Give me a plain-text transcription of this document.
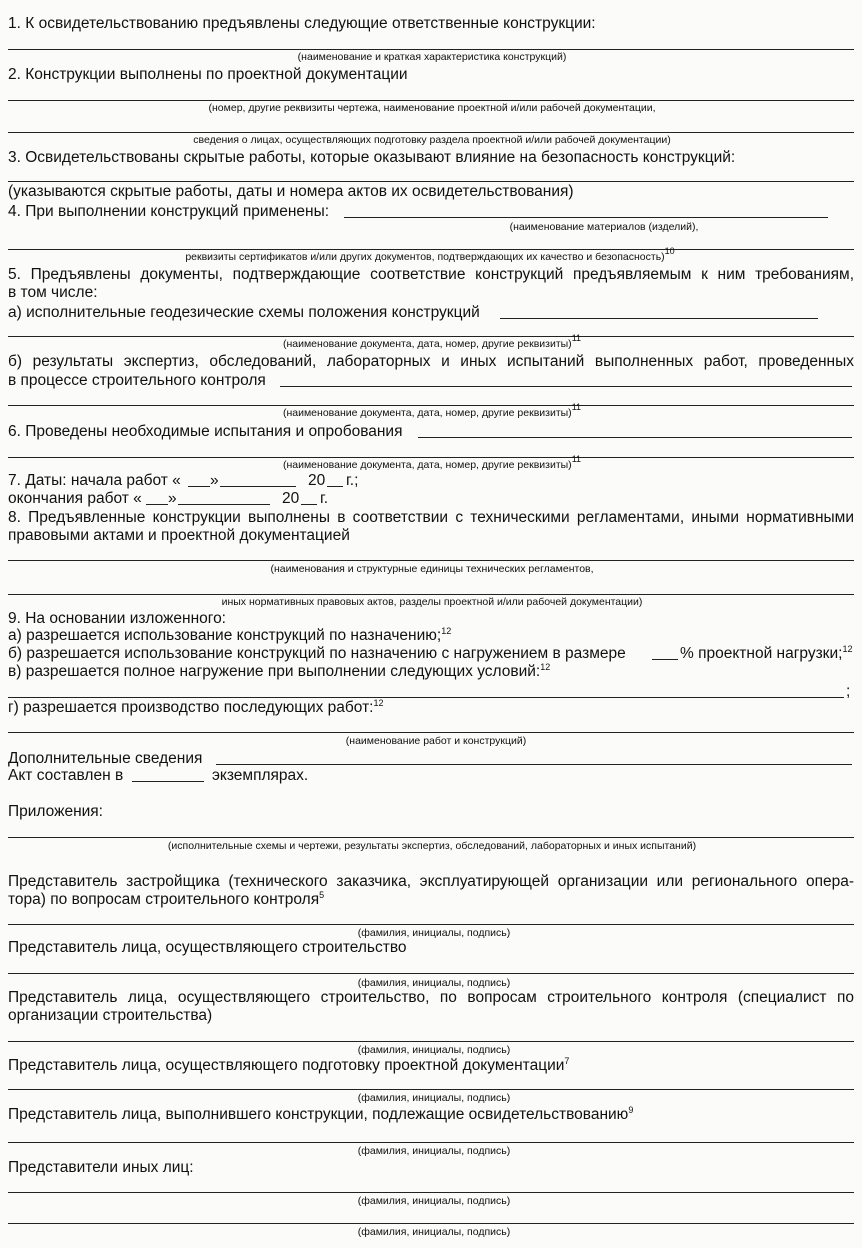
1. К освидетельствованию предъявлены следующие ответственные конструкции:
(наименование и краткая характеристика конструкций)
2. Конструкции выполнены по проектной документации
(номер, другие реквизиты чертежа, наименование проектной и/или рабочей документации,
сведения о лицах, осуществляющих подготовку раздела проектной и/или рабочей документации)
3. Освидетельствованы скрытые работы, которые оказывают влияние на безопасность конструкций:
(указываются скрытые работы, даты и номера актов их освидетельствования)
4. При выполнении конструкций применены:
(наименование материалов (изделий),
реквизиты сертификатов и/или других документов, подтверждающих их качество и безопасность)$^{10}$
5. Предъявлены документы, подтверждающие соответствие конструкций предъявляемым к ним требованиям,
в том числе:
а) исполнительные геодезические схемы положения конструкций
(наименование документа, дата, номер, другие реквизиты)$^{11}$
б) результаты экспертиз, обследований, лабораторных и иных испытаний выполненных работ, проведенных
в процессе строительного контроля
(наименование документа, дата, номер, другие реквизиты)$^{11}$
6. Проведены необходимые испытания и опробования
(наименование документа, дата, номер, другие реквизиты)$^{11}$
7. Даты: начала работ « »	20 г.;
окончания работ « »	20 г.
8. Предъявленные конструкции выполнены в соответствии с техническими регламентами, иными нормативными
правовыми актами и проектной документацией
(наименования и структурные единицы технических регламентов,
иных нормативных правовых актов, разделы проектной и/или рабочей документации)
9. На основании изложенного:
а) разрешается использование конструкций по назначению;$^{12}$
б) разрешается использование конструкций по назначению с нагружением в размере	% проектной нагрузки;$^{12}$
в) разрешается полное нагружение при выполнении следующих условий:$^{12}$
;
г) разрешается производство последующих работ:$^{12}$
(наименование работ и конструкций)
Дополнительные сведения
Акт составлен в	экземплярах.
Приложения:
(исполнительные схемы и чертежи, результаты экспертиз, обследований, лабораторных и иных испытаний)
Представитель застройщика (технического заказчика, эксплуатирующей организации или регионального опера-
тора) по вопросам строительного контроля$^5$
(фамилия, инициалы, подпись)
Представитель лица, осуществляющего строительство
(фамилия, инициалы, подпись)
Представитель лица, осуществляющего строительство, по вопросам строительного контроля (специалист по
организации строительства)
(фамилия, инициалы, подпись)
Представитель лица, осуществляющего подготовку проектной документации$^7$
(фамилия, инициалы, подпись)
Представитель лица, выполнившего конструкции, подлежащие освидетельствованию$^9$
(фамилия, инициалы, подпись)
Представители иных лиц:
(фамилия, инициалы, подпись)
(фамилия, инициалы, подпись)
